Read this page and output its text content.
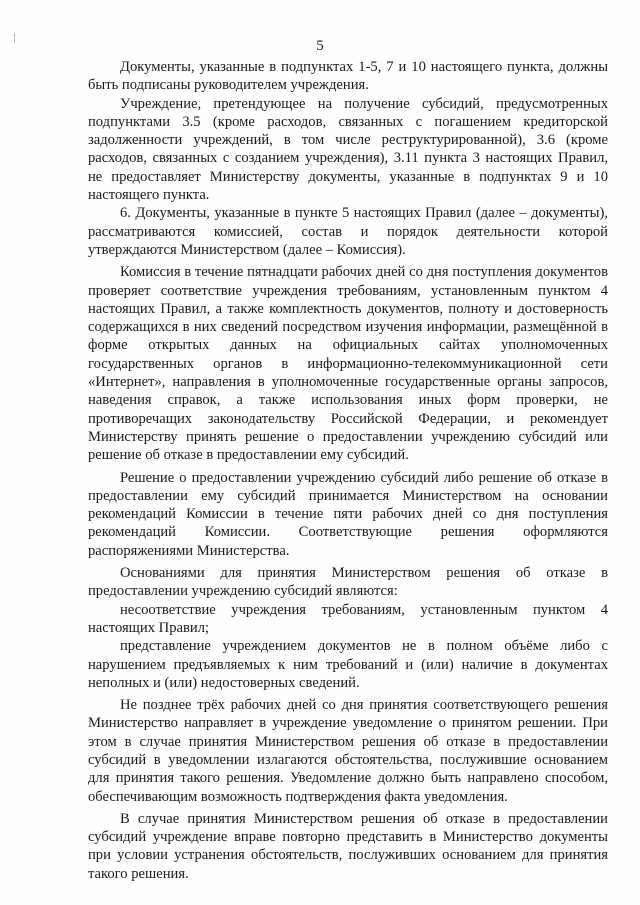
5

Документы, указанные в подпунктах 1-5, 7 и 10 настоящего пункта, должны быть подписаны руководителем учреждения.

Учреждение, претендующее на получение субсидий, предусмотренных подпунктами 3.5 (кроме расходов, связанных с погашением кредиторской задолженности учреждений, в том числе реструктурированной), 3.6 (кроме расходов, связанных с созданием учреждения), 3.11 пункта 3 настоящих Правил, не предоставляет Министерству документы, указанные в подпунктах 9 и 10 настоящего пункта.

6. Документы, указанные в пункте 5 настоящих Правил (далее – документы), рассматриваются комиссией, состав и порядок деятельности которой утверждаются Министерством (далее – Комиссия).

Комиссия в течение пятнадцати рабочих дней со дня поступления документов проверяет соответствие учреждения требованиям, установленным пунктом 4 настоящих Правил, а также комплектность документов, полноту и достоверность содержащихся в них сведений посредством изучения информации, размещённой в форме открытых данных на официальных сайтах уполномоченных государственных органов в информационно-телекоммуникационной сети «Интернет», направления в уполномоченные государственные органы запросов, наведения справок, а также использования иных форм проверки, не противоречащих законодательству Российской Федерации, и рекомендует Министерству принять решение о предоставлении учреждению субсидий или решение об отказе в предоставлении ему субсидий.

Решение о предоставлении учреждению субсидий либо решение об отказе в предоставлении ему субсидий принимается Министерством на основании рекомендаций Комиссии в течение пяти рабочих дней со дня поступления рекомендаций Комиссии. Соответствующие решения оформляются распоряжениями Министерства.

Основаниями для принятия Министерством решения об отказе в предоставлении учреждению субсидий являются:

несоответствие учреждения требованиям, установленным пунктом 4 настоящих Правил;

представление учреждением документов не в полном объёме либо с нарушением предъявляемых к ним требований и (или) наличие в документах неполных и (или) недостоверных сведений.

Не позднее трёх рабочих дней со дня принятия соответствующего решения Министерство направляет в учреждение уведомление о принятом решении. При этом в случае принятия Министерством решения об отказе в предоставлении субсидий в уведомлении излагаются обстоятельства, послужившие основанием для принятия такого решения. Уведомление должно быть направлено способом, обеспечивающим возможность подтверждения факта уведомления.

В случае принятия Министерством решения об отказе в предоставлении субсидий учреждение вправе повторно представить в Министерство документы при условии устранения обстоятельств, послуживших основанием для принятия такого решения.
